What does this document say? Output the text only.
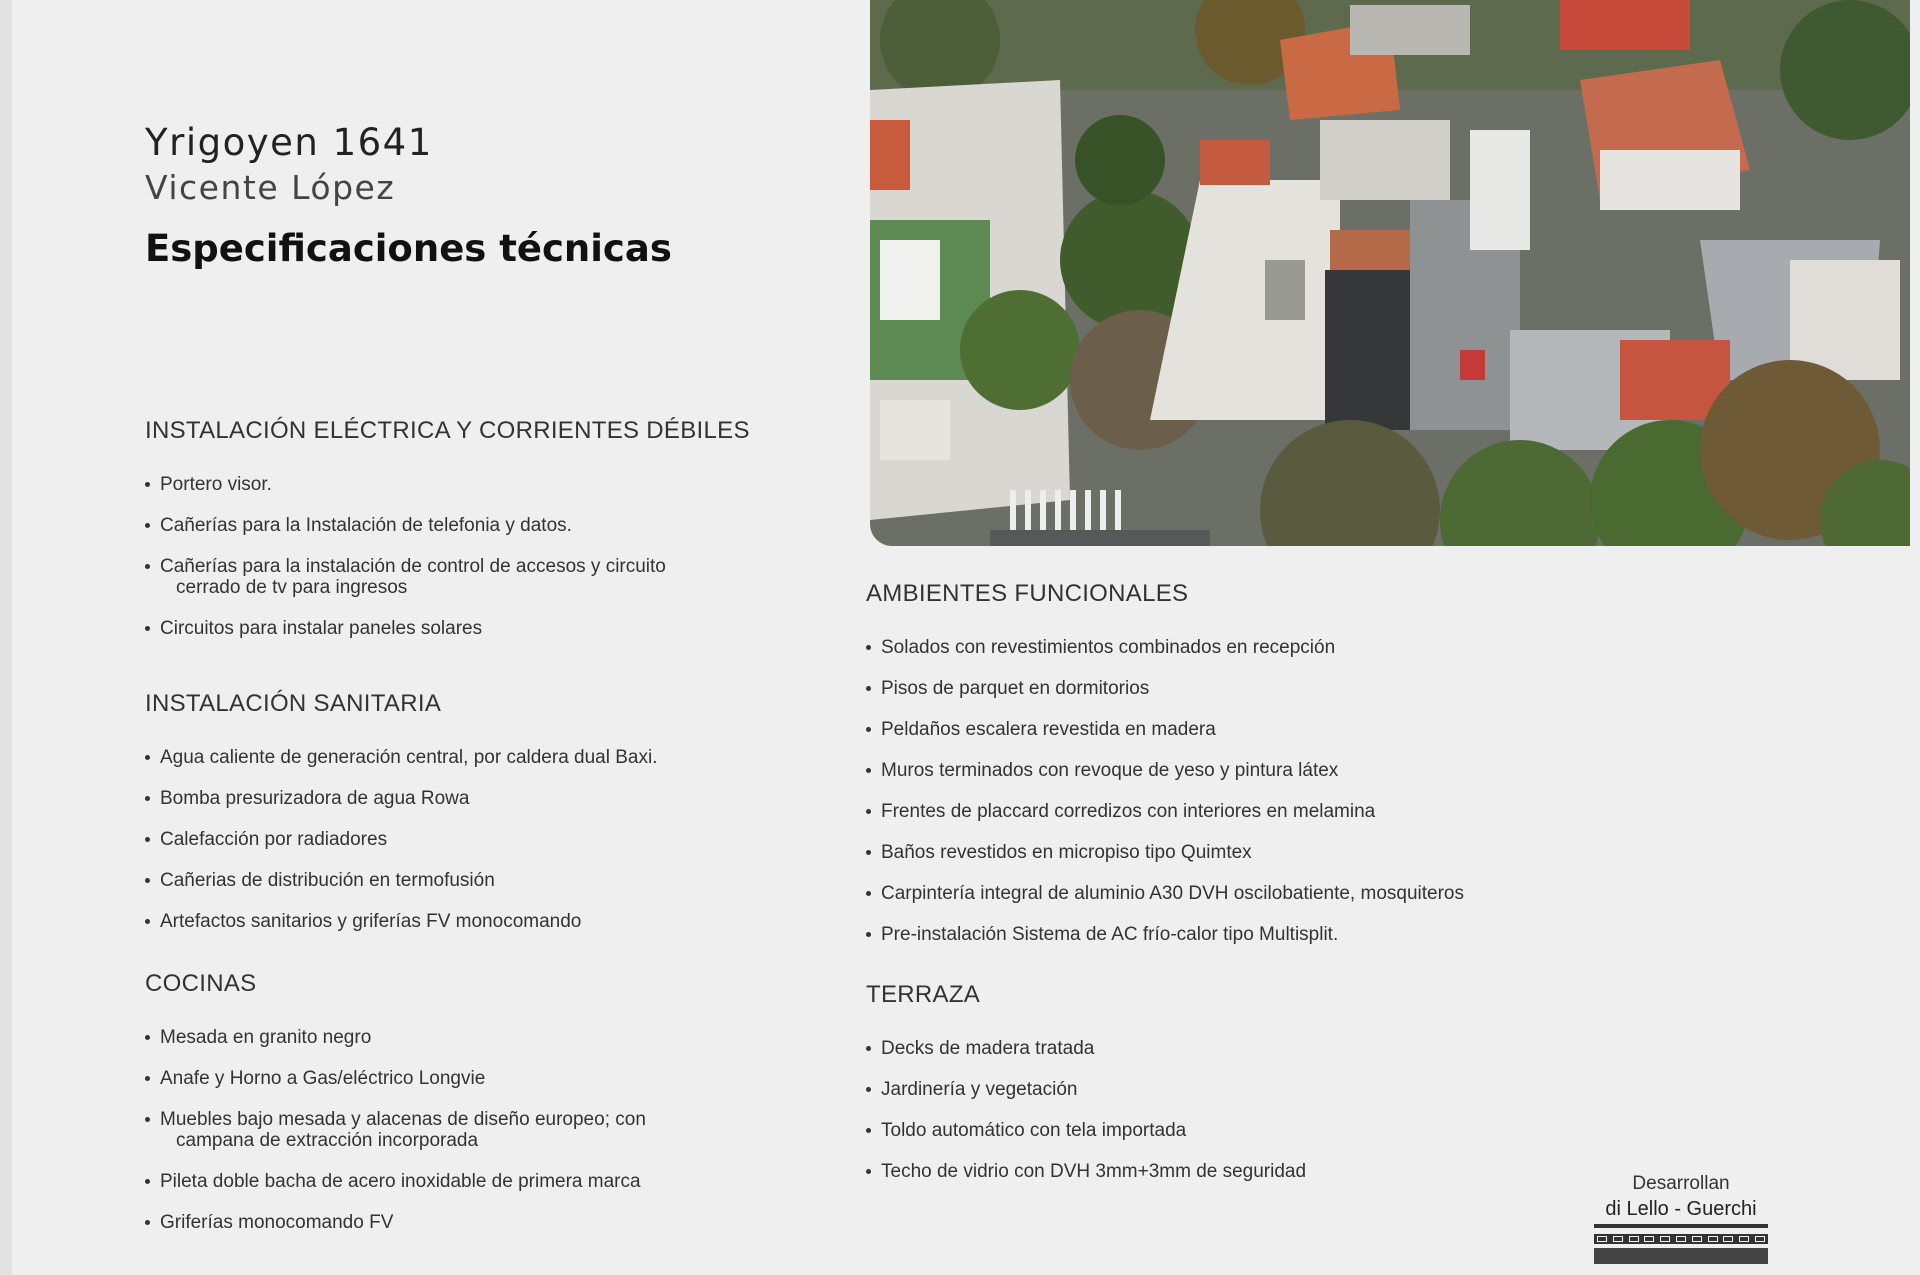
Yrigoyen 1641
Vicente López
Especificaciones técnicas
INSTALACIÓN ELÉCTRICA Y CORRIENTES DÉBILES
Portero visor.
Cañerías para la Instalación de telefonia y datos.
Cañerías para la instalación de control de accesos y circuito
cerrado de tv para ingresos
Circuitos para instalar paneles solares
INSTALACIÓN SANITARIA
Agua caliente de generación central, por caldera dual Baxi.
Bomba presurizadora de agua Rowa
Calefacción por radiadores
Cañerias de distribución en termofusión
Artefactos sanitarios y griferías FV monocomando
COCINAS
Mesada en granito negro
Anafe y Horno a Gas/eléctrico Longvie
Muebles bajo mesada y alacenas de diseño europeo; con
campana de extracción incorporada
Pileta doble bacha de acero inoxidable de primera marca
Griferías monocomando FV
AMBIENTES FUNCIONALES
Solados con revestimientos combinados en recepción
Pisos de parquet en dormitorios
Peldaños escalera revestida en madera
Muros terminados con revoque de yeso y pintura látex
Frentes de placcard corredizos con interiores en melamina
Baños revestidos en micropiso tipo Quimtex
Carpintería integral de aluminio A30 DVH oscilobatiente, mosquiteros
Pre-instalación Sistema de AC frío-calor tipo Multisplit.
TERRAZA
Decks de madera tratada
Jardinería y vegetación
Toldo automático con tela importada
Techo de vidrio con DVH 3mm+3mm de seguridad
Desarrollan
di Lello - Guerchi
